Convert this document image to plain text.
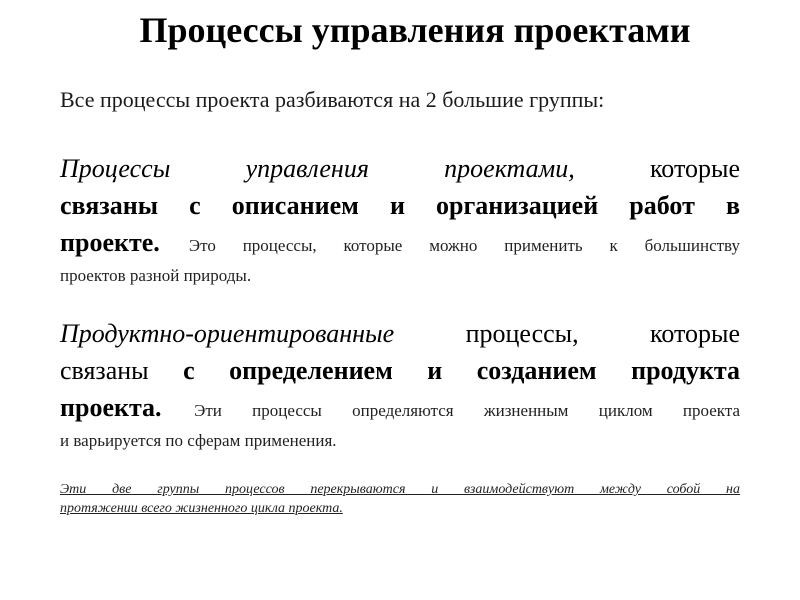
Процессы управления проектами
Все процессы проекта разбиваются на 2 большие группы:
Процессы управления проектами,	которые
связаны с описанием и организацией работ в
проекте. Это процессы, которые можно применить к большинству
проектов разной природы.
Продуктно-ориентированные	процессы, которые
связаны с определением и созданием продукта
проекта. Эти процессы определяются жизненным циклом проекта
и варьируется по сферам применения.
Эти две группы процессов перекрываются и взаимодействуют между собой на
протяжении всего жизненного цикла проекта.
